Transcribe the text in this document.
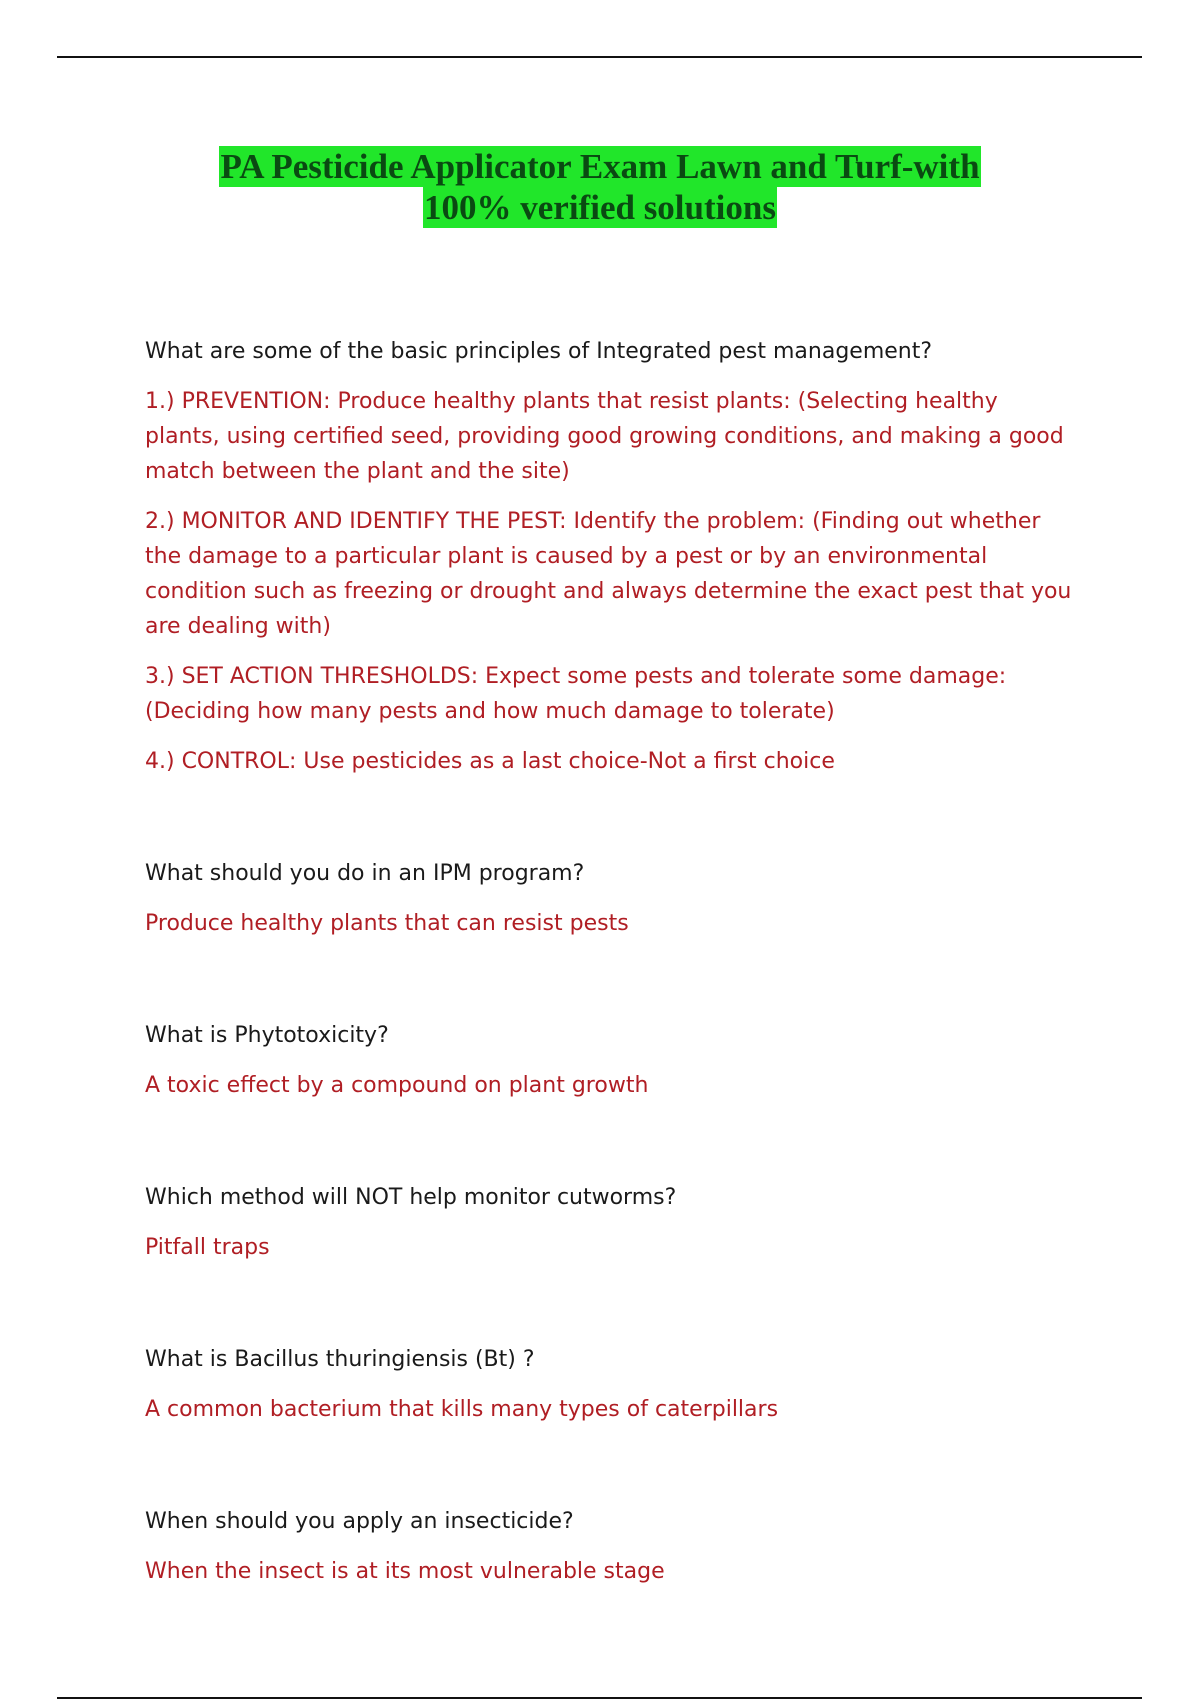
PA Pesticide Applicator Exam Lawn and Turf-with
100% verified solutions

What are some of the basic principles of Integrated pest management?

1.) PREVENTION: Produce healthy plants that resist plants: (Selecting healthy plants, using certified seed, providing good growing conditions, and making a good match between the plant and the site)

2.) MONITOR AND IDENTIFY THE PEST: Identify the problem: (Finding out whether the damage to a particular plant is caused by a pest or by an environmental condition such as freezing or drought and always determine the exact pest that you are dealing with)

3.) SET ACTION THRESHOLDS: Expect some pests and tolerate some damage: (Deciding how many pests and how much damage to tolerate)

4.) CONTROL: Use pesticides as a last choice-Not a first choice

What should you do in an IPM program?

Produce healthy plants that can resist pests

What is Phytotoxicity?

A toxic effect by a compound on plant growth

Which method will NOT help monitor cutworms?

Pitfall traps

What is Bacillus thuringiensis (Bt) ?

A common bacterium that kills many types of caterpillars

When should you apply an insecticide?

When the insect is at its most vulnerable stage
